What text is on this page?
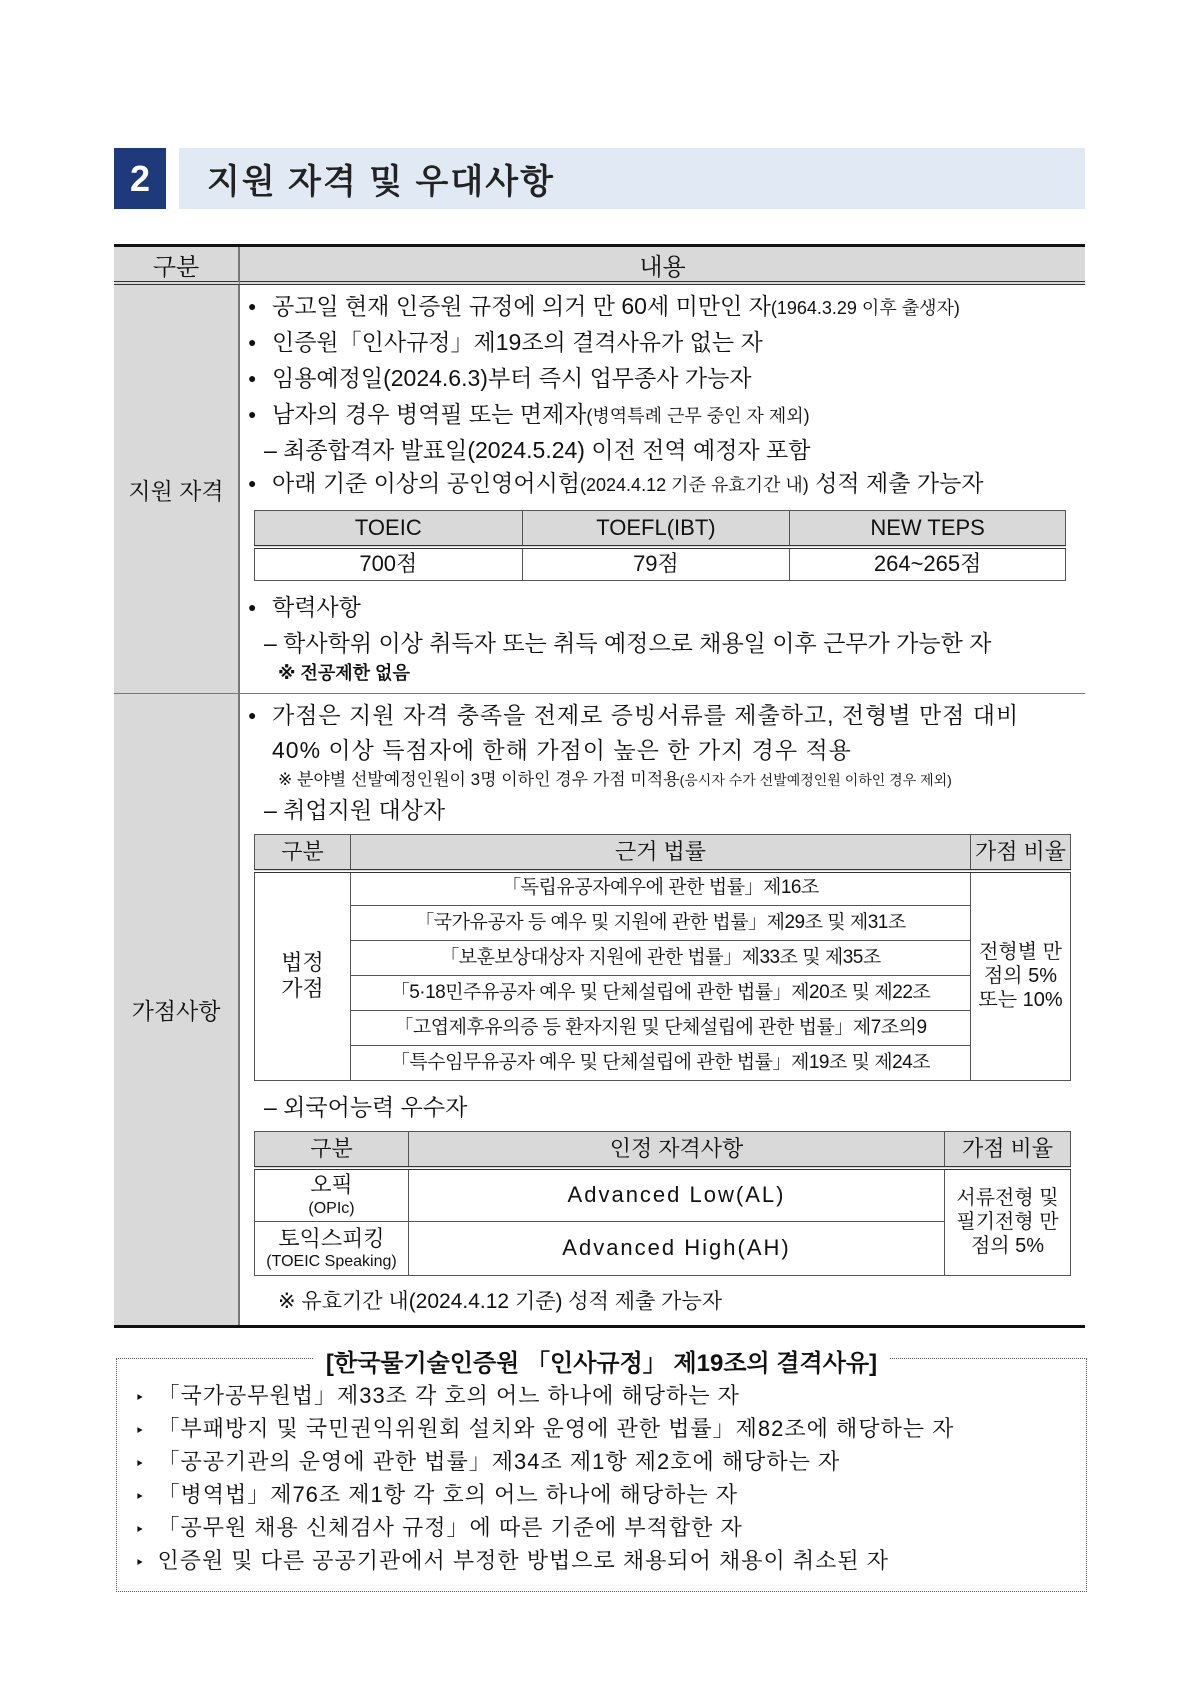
2	지원 자격 및 우대사항
구분	내용
지원 자격
● 공고일 현재 인증원 규정에 의거 만 60세 미만인 자(1964.3.29 이후 출생자)
● 인증원「인사규정」제19조의 결격사유가 없는 자
● 임용예정일(2024.6.3)부터 즉시 업무종사 가능자
● 남자의 경우 병역필 또는 면제자(병역특례 근무 중인 자 제외)
– 최종합격자 발표일(2024.5.24) 이전 전역 예정자 포함
● 아래 기준 이상의 공인영어시험(2024.4.12 기준 유효기간 내) 성적 제출 가능자
TOEIC	TOEFL(IBT)	NEW TEPS
700점	79점	264~265점
● 학력사항
– 학사학위 이상 취득자 또는 취득 예정으로 채용일 이후 근무가 가능한 자
※ 전공제한 없음
가점사항
● 가점은 지원 자격 충족을 전제로 증빙서류를 제출하고, 전형별 만점 대비 40% 이상 득점자에 한해 가점이 높은 한 가지 경우 적용
※ 분야별 선발예정인원이 3명 이하인 경우 가점 미적용(응시자 수가 선발예정인원 이하인 경우 제외)
– 취업지원 대상자
구분	근거 법률	가점 비율
법정 가점	「독립유공자예우에 관한 법률」제16조	전형별 만점의 5% 또는 10%
	「국가유공자 등 예우 및 지원에 관한 법률」제29조 및 제31조	
	「보훈보상대상자 지원에 관한 법률」제33조 및 제35조	
	「5·18민주유공자 예우 및 단체설립에 관한 법률」제20조 및 제22조	
	「고엽제후유의증 등 환자지원 및 단체설립에 관한 법률」제7조의9	
	「특수임무유공자 예우 및 단체설립에 관한 법률」제19조 및 제24조	
– 외국어능력 우수자
구분	인정 자격사항	가점 비율

오픽
(OPIc)	Advanced Low(AL)	서류전형 및 필기전형 만점의 5%

토익스피킹
(TOEIC Speaking)	Advanced High(AH)	
※ 유효기간 내(2024.4.12 기준) 성적 제출 가능자
[한국물기술인증원 「인사규정」 제19조의 결격사유]
‣ 「국가공무원법」제33조 각 호의 어느 하나에 해당하는 자
‣ 「부패방지 및 국민권익위원회 설치와 운영에 관한 법률」제82조에 해당하는 자
‣ 「공공기관의 운영에 관한 법률」제34조 제1항 제2호에 해당하는 자
‣ 「병역법」제76조 제1항 각 호의 어느 하나에 해당하는 자
‣ 「공무원 채용 신체검사 규정」에 따른 기준에 부적합한 자
‣ 인증원 및 다른 공공기관에서 부정한 방법으로 채용되어 채용이 취소된 자
